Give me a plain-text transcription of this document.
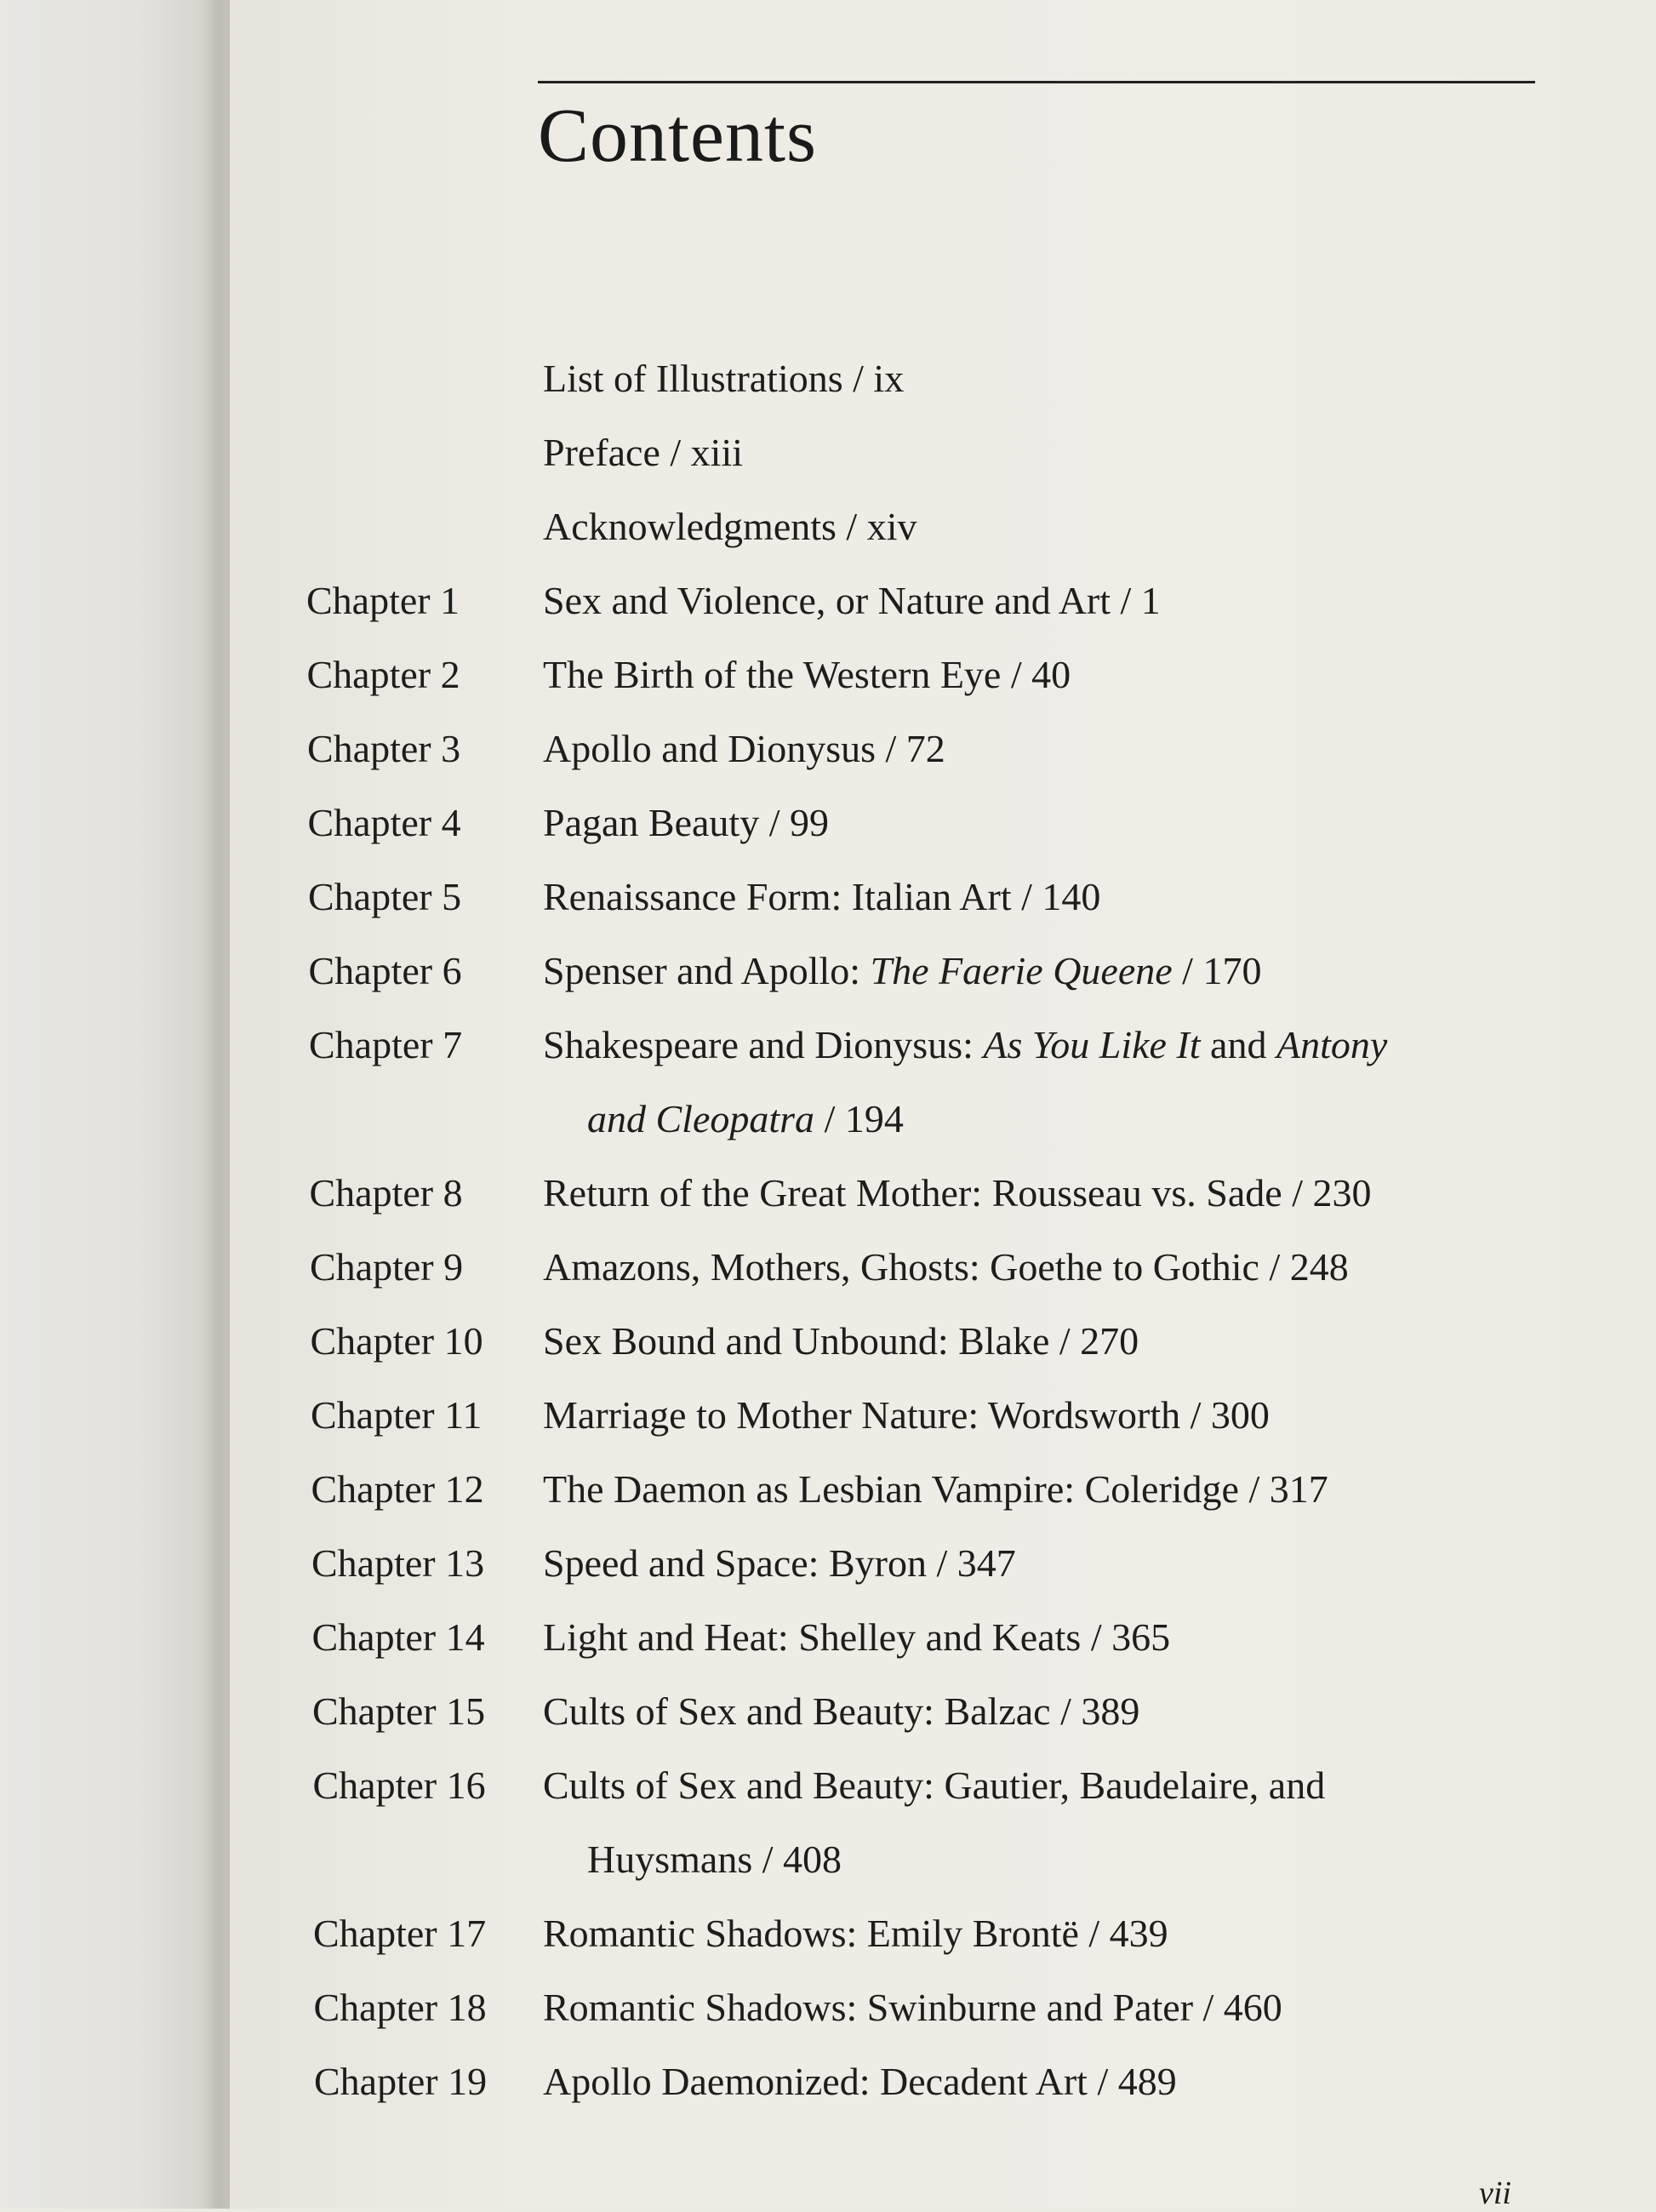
Contents
List of Illustrations / ix
Preface / xiii
Acknowledgments / xiv
Chapter 1 Sex and Violence, or Nature and Art / 1
Chapter 2 The Birth of the Western Eye / 40
Chapter 3 Apollo and Dionysus / 72
Chapter 4 Pagan Beauty / 99
Chapter 5 Renaissance Form: Italian Art / 140
Chapter 6 Spenser and Apollo: The Faerie Queene / 170
Chapter 7 Shakespeare and Dionysus: As You Like It and Antony
and Cleopatra / 194
Chapter 8 Return of the Great Mother: Rousseau vs. Sade / 230
Chapter 9 Amazons, Mothers, Ghosts: Goethe to Gothic / 248
Chapter 10 Sex Bound and Unbound: Blake / 270
Chapter 11 Marriage to Mother Nature: Wordsworth / 300
Chapter 12 The Daemon as Lesbian Vampire: Coleridge / 317
Chapter 13 Speed and Space: Byron / 347
Chapter 14 Light and Heat: Shelley and Keats / 365
Chapter 15 Cults of Sex and Beauty: Balzac / 389
Chapter 16 Cults of Sex and Beauty: Gautier, Baudelaire, and
Huysmans / 408
Chapter 17 Romantic Shadows: Emily Brontë / 439
Chapter 18 Romantic Shadows: Swinburne and Pater / 460
Chapter 19 Apollo Daemonized: Decadent Art / 489
vii
